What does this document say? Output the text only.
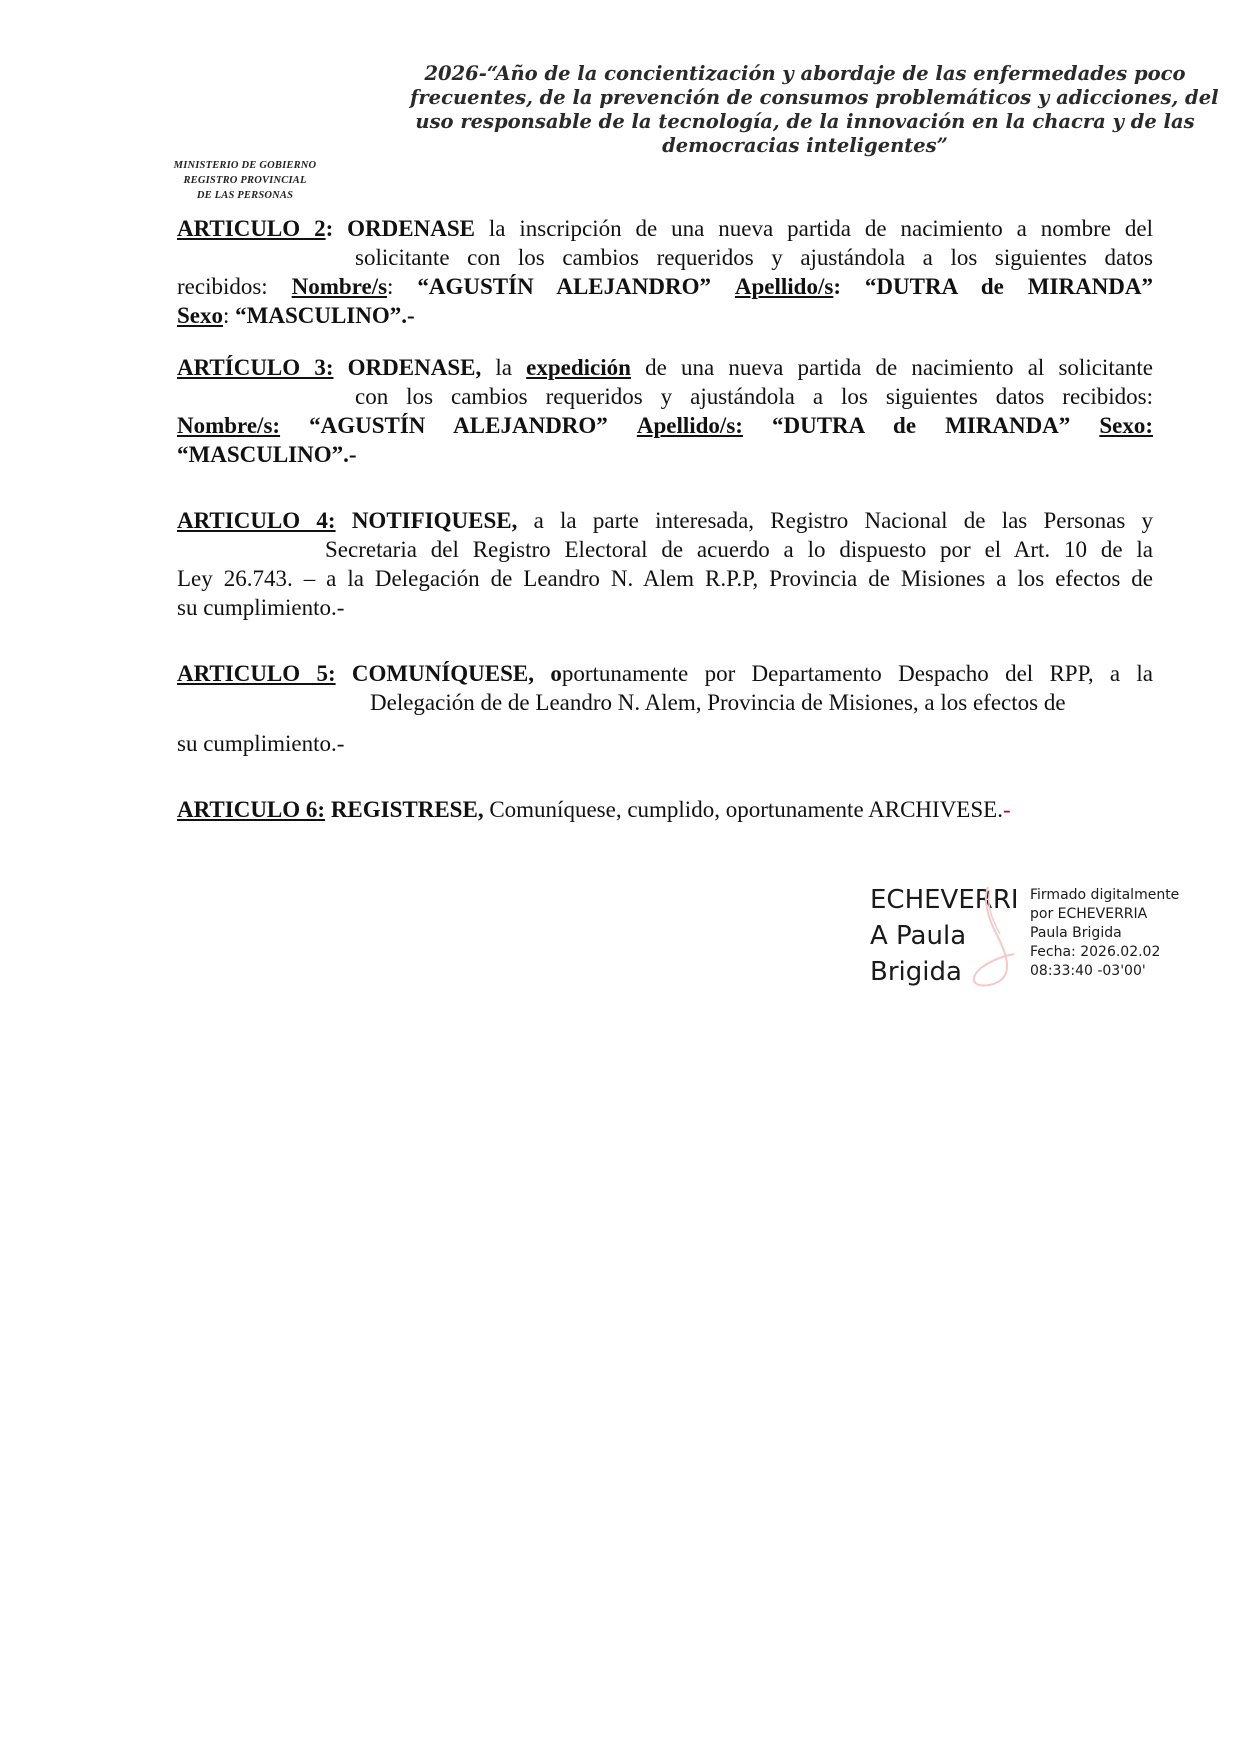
2026-“Año de la concientización y abordaje de las enfermedades poco
frecuentes, de la prevención de consumos problemáticos y adicciones, del
uso responsable de la tecnología, de la innovación en la chacra y de las
democracias inteligentes”
MINISTERIO DE GOBIERNO
REGISTRO PROVINCIAL
DE LAS PERSONAS
ARTICULO 2: ORDENASE la inscripción de una nueva partida de nacimiento a nombre del
solicitante con los cambios requeridos y ajustándola a los siguientes datos
recibidos: Nombre/s: “AGUSTÍN ALEJANDRO” Apellido/s: “DUTRA de MIRANDA”
Sexo: “MASCULINO”.-
ARTÍCULO 3: ORDENASE, la expedición de una nueva partida de nacimiento al solicitante
con los cambios requeridos y ajustándola a los siguientes datos recibidos:
Nombre/s: “AGUSTÍN ALEJANDRO” Apellido/s: “DUTRA de MIRANDA” Sexo:
“MASCULINO”.-
ARTICULO 4: NOTIFIQUESE, a la parte interesada, Registro Nacional de las Personas y
Secretaria del Registro Electoral de acuerdo a lo dispuesto por el Art. 10 de la
Ley 26.743. – a la Delegación de Leandro N. Alem R.P.P, Provincia de Misiones a los efectos de
su cumplimiento.-
ARTICULO 5: COMUNÍQUESE, oportunamente por Departamento Despacho del RPP, a la
Delegación de de Leandro N. Alem, Provincia de Misiones, a los efectos de
su cumplimiento.-
ARTICULO 6: REGISTRESE, Comuníquese, cumplido, oportunamente ARCHIVESE.-
ECHEVERRI
A Paula
Brigida
Firmado digitalmente
por ECHEVERRIA
Paula Brigida
Fecha: 2026.02.02
08:33:40 -03'00'
